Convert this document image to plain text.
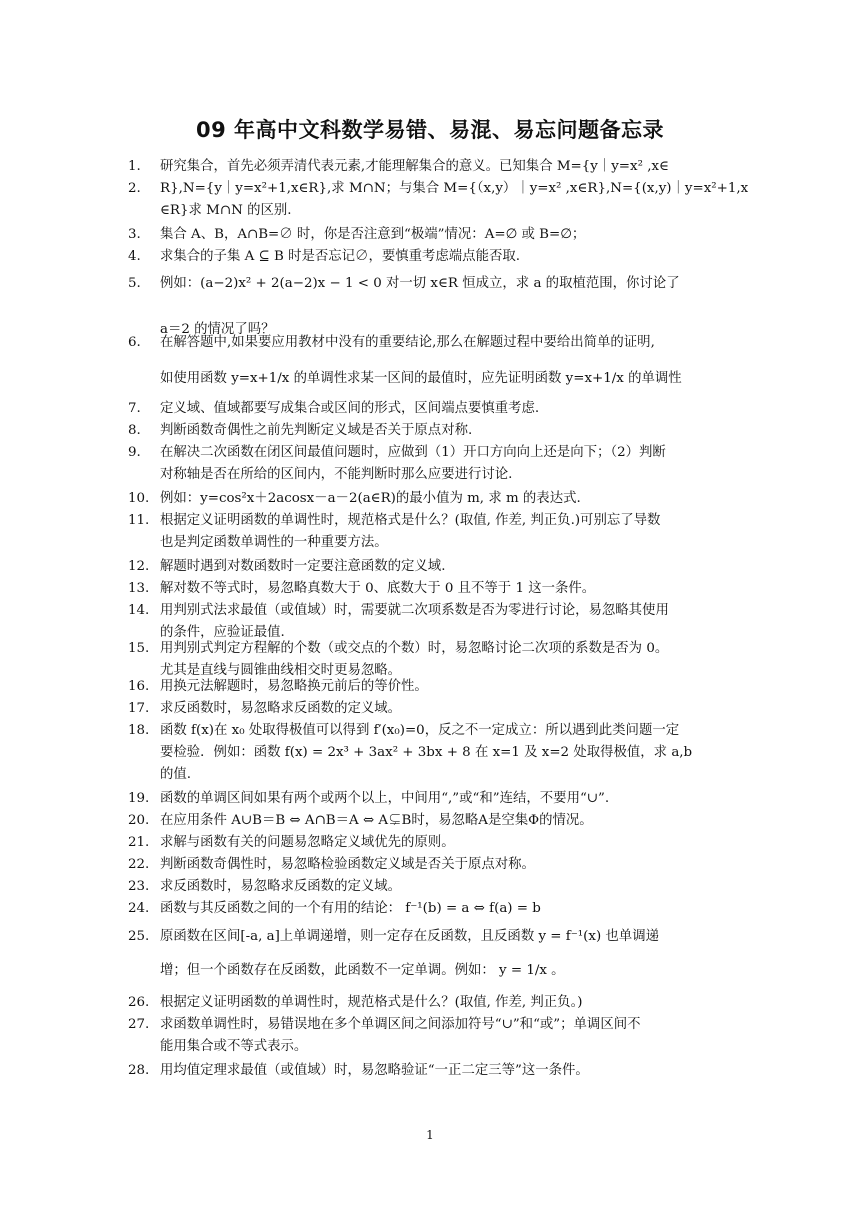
09 年高中文科数学易错、易混、易忘问题备忘录
1.	研究集合，首先必须弄清代表元素,才能理解集合的意义。已知集合 M={y｜y=x² ,x∈
2.	R},N={y｜y=x²+1,x∈R},求 M∩N；与集合 M={（x,y）｜y=x² ,x∈R},N={(x,y)｜y=x²+1,x
∈R}求 M∩N 的区别.
3.	集合 A、B，A∩B=∅ 时，你是否注意到“极端”情况：A=∅ 或 B=∅；
4.	求集合的子集 A ⊆ B 时是否忘记∅，要慎重考虑端点能否取.
5.	例如：(a−2)x² + 2(a−2)x − 1 < 0 对一切 x∈R 恒成立，求 a 的取植范围，你讨论了
a＝2 的情况了吗？
6.	在解答题中,如果要应用教材中没有的重要结论,那么在解题过程中要给出简单的证明,
如使用函数 y=x+1/x 的单调性求某一区间的最值时，应先证明函数 y=x+1/x 的单调性
7.	定义域、值域都要写成集合或区间的形式，区间端点要慎重考虑.
8.	判断函数奇偶性之前先判断定义域是否关于原点对称.
9.	在解决二次函数在闭区间最值问题时，应做到（1）开口方向向上还是向下；（2）判断
对称轴是否在所给的区间内，不能判断时那么应要进行讨论.
10. 例如：y=cos²x＋2acosx－a－2(a∈R)的最小值为 m, 求 m 的表达式.
11. 根据定义证明函数的单调性时，规范格式是什么？(取值, 作差, 判正负.)可别忘了导数
也是判定函数单调性的一种重要方法。
12. 解题时遇到对数函数时一定要注意函数的定义域.
13. 解对数不等式时，易忽略真数大于 0、底数大于 0 且不等于 1 这一条件。
14. 用判别式法求最值（或值域）时，需要就二次项系数是否为零进行讨论，易忽略其使用
的条件，应验证最值.
15. 用判别式判定方程解的个数（或交点的个数）时，易忽略讨论二次项的系数是否为 0。
尤其是直线与圆锥曲线相交时更易忽略。
16. 用换元法解题时，易忽略换元前后的等价性。
17. 求反函数时，易忽略求反函数的定义域。
18. 函数 f(x)在 x₀ 处取得极值可以得到 f′(x₀)=0，反之不一定成立：所以遇到此类问题一定
要检验．例如：函数 f(x) = 2x³ + 3ax² + 3bx + 8 在 x=1 及 x=2 处取得极值，求 a,b
的值.
19. 函数的单调区间如果有两个或两个以上，中间用“,”或“和”连结，不要用“∪”.
20. 在应用条件 A∪B＝B ⇔ A∩B＝A ⇔ A⊊B时，易忽略A是空集Φ的情况。
21. 求解与函数有关的问题易忽略定义域优先的原则。
22. 判断函数奇偶性时，易忽略检验函数定义域是否关于原点对称。
23. 求反函数时，易忽略求反函数的定义域。
24. 函数与其反函数之间的一个有用的结论： f⁻¹(b) = a ⇔ f(a) = b
25. 原函数在区间[-a, a]上单调递增，则一定存在反函数，且反函数 y = f⁻¹(x) 也单调递
增；但一个函数存在反函数，此函数不一定单调。例如： y = 1/x 。
26. 根据定义证明函数的单调性时，规范格式是什么？(取值, 作差, 判正负。)
27. 求函数单调性时，易错误地在多个单调区间之间添加符号“∪”和“或”；单调区间不
能用集合或不等式表示。
28. 用均值定理求最值（或值域）时，易忽略验证“一正二定三等”这一条件。
1
